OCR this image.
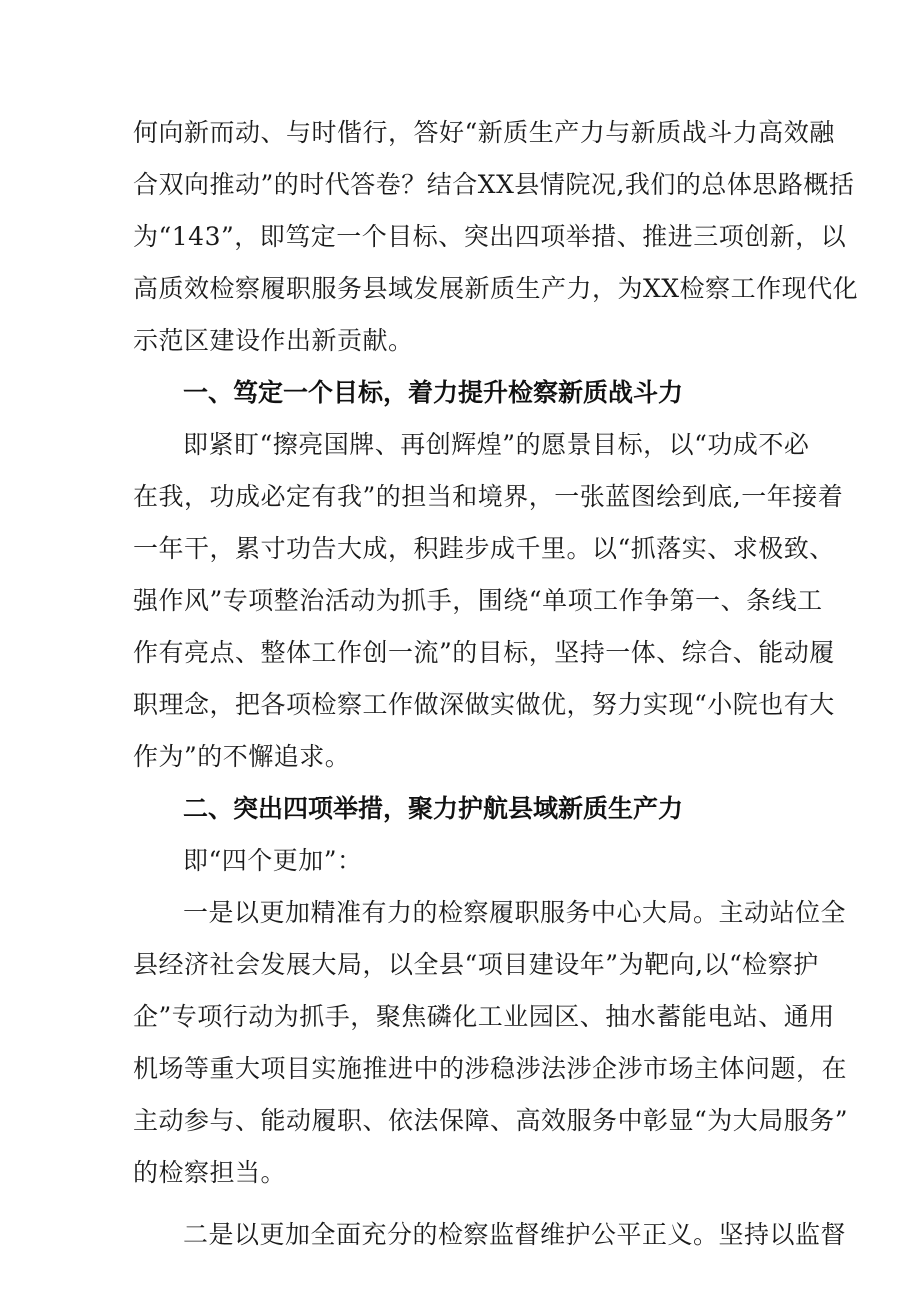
何向新而动、与时偕行，答好“新质生产力与新质战斗力高效融
合双向推动”的时代答卷？结合XX县情院况,我们的总体思路概括
为“143”，即笃定一个目标、突出四项举措、推进三项创新，以
高质效检察履职服务县域发展新质生产力，为XX检察工作现代化
示范区建设作出新贡献。
一、笃定一个目标，着力提升检察新质战斗力
即紧盯“擦亮国牌、再创辉煌”的愿景目标，以“功成不必
在我，功成必定有我”的担当和境界，一张蓝图绘到底,一年接着
一年干，累寸功告大成，积跬步成千里。以“抓落实、求极致、
强作风”专项整治活动为抓手，围绕“单项工作争第一、条线工
作有亮点、整体工作创一流”的目标，坚持一体、综合、能动履
职理念，把各项检察工作做深做实做优，努力实现“小院也有大
作为”的不懈追求。
二、突出四项举措，聚力护航县域新质生产力
即“四个更加”：
一是以更加精准有力的检察履职服务中心大局。主动站位全
县经济社会发展大局，以全县“项目建设年”为靶向,以“检察护
企”专项行动为抓手，聚焦磷化工业园区、抽水蓄能电站、通用
机场等重大项目实施推进中的涉稳涉法涉企涉市场主体问题，在
主动参与、能动履职、依法保障、高效服务中彰显“为大局服务”
的检察担当。
二是以更加全面充分的检察监督维护公平正义。坚持以监督
